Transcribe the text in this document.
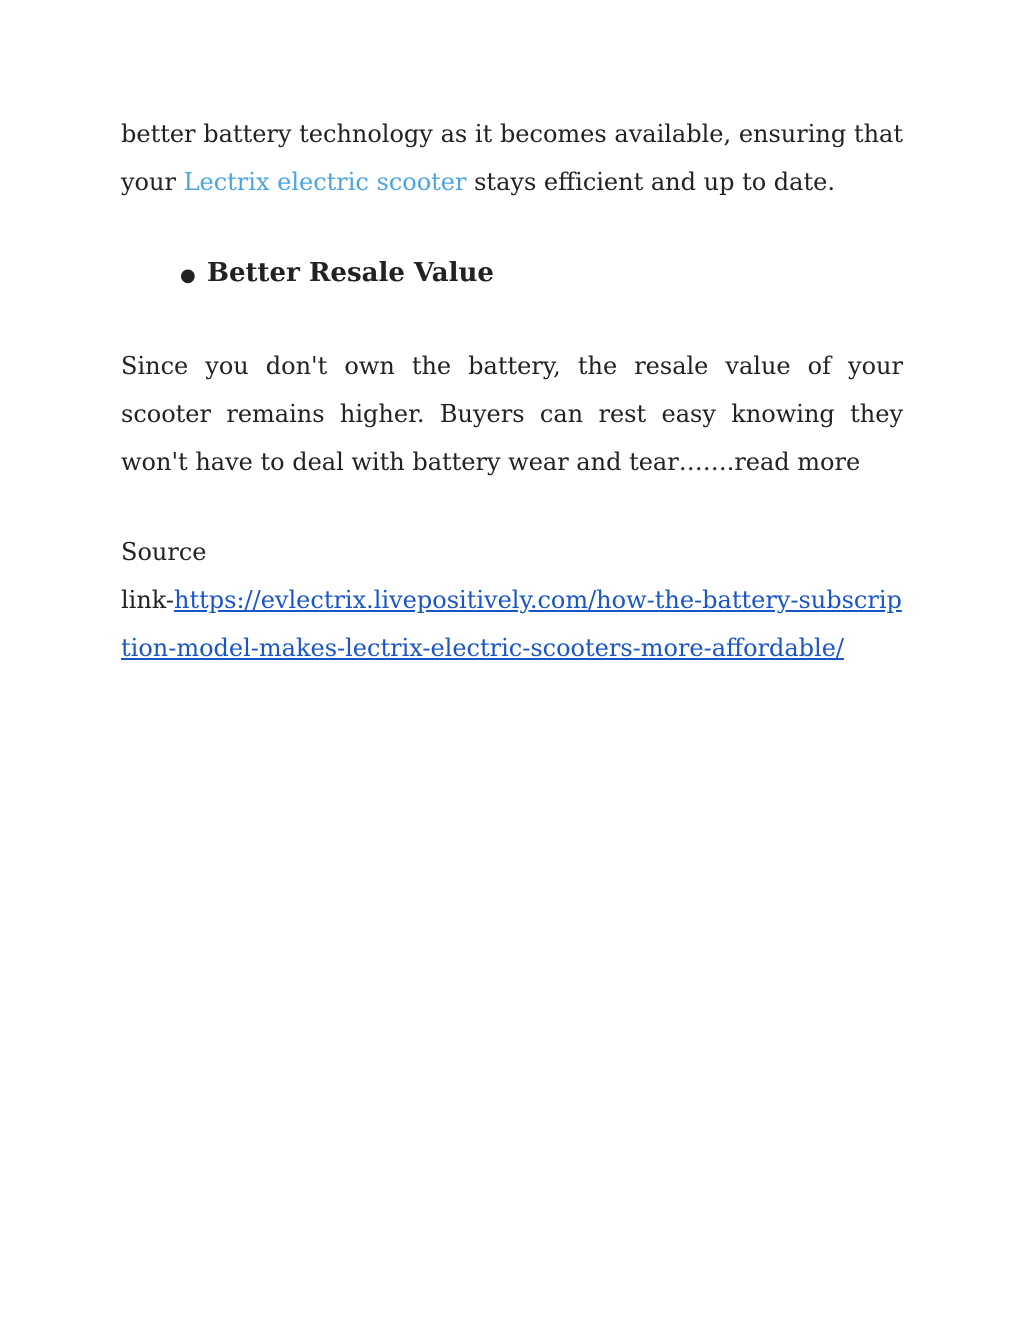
better battery technology as it becomes available, ensuring that your Lectrix electric scooter stays efficient and up to date.

● Better Resale Value

Since you don't own the battery, the resale value of your scooter remains higher. Buyers can rest easy knowing they won't have to deal with battery wear and tear…….read more

Source
link-https://evlectrix.livepositively.com/how-the-battery-subscription-model-makes-lectrix-electric-scooters-more-affordable/
